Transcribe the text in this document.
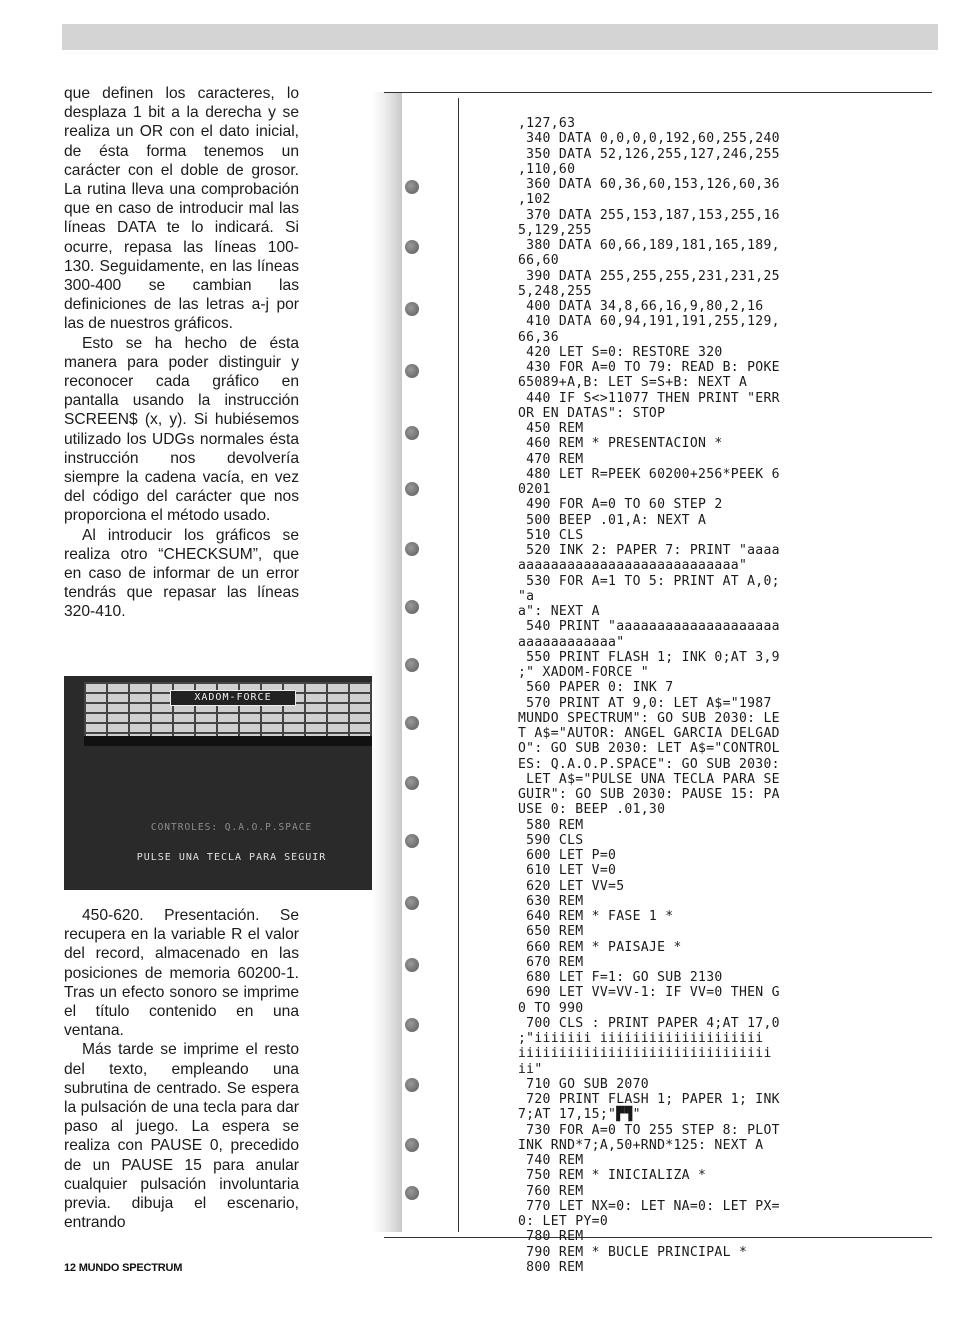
que definen los caracteres, lo desplaza 1 bit a la derecha y se realiza un OR con el dato inicial, de ésta forma tenemos un carácter con el doble de grosor. La rutina lleva una comprobación que en caso de introducir mal las líneas DATA te lo indicará. Si ocurre, repasa las líneas 100-130. Seguidamente, en las líneas 300-400 se cambian las definiciones de las letras a-j por las de nuestros gráficos.

Esto se ha hecho de ésta manera para poder distinguir y reconocer cada gráfico en pantalla usando la instrucción SCREEN$ (x, y). Si hubiésemos utilizado los UDGs normales ésta instrucción nos devolvería siempre la cadena vacía, en vez del código del carácter que nos proporciona el método usado.

Al introducir los gráficos se realiza otro “CHECKSUM”, que en caso de informar de un error tendrás que repasar las líneas 320-410.

XADOM-FORCE
CONTROLES: Q.A.O.P.SPACE
PULSE UNA TECLA PARA SEGUIR

450-620. Presentación. Se recupera en la variable R el valor del record, almacenado en las posiciones de memoria 60200-1. Tras un efecto sonoro se imprime el título contenido en una ventana.

Más tarde se imprime el resto del texto, empleando una subrutina de centrado. Se espera la pulsación de una tecla para dar paso al juego. La espera se realiza con PAUSE 0, precedido de un PAUSE 15 para anular cualquier pulsación involuntaria previa. dibuja el escenario, entrando

,127,63
340 DATA 0,0,0,0,192,60,255,240
350 DATA 52,126,255,127,246,255
,110,60
360 DATA 60,36,60,153,126,60,36
,102
370 DATA 255,153,187,153,255,16
5,129,255
380 DATA 60,66,189,181,165,189,
66,60
390 DATA 255,255,255,231,231,25
5,248,255
400 DATA 34,8,66,16,9,80,2,16
410 DATA 60,94,191,191,255,129,
66,36
420 LET S=0: RESTORE 320
430 FOR A=0 TO 79: READ B: POKE
65089+A,B: LET S=S+B: NEXT A
440 IF S<>11077 THEN PRINT "ERR
OR EN DATAS": STOP
450 REM
460 REM * PRESENTACION *
470 REM
480 LET R=PEEK 60200+256*PEEK 6
0201
490 FOR A=0 TO 60 STEP 2
500 BEEP .01,A: NEXT A
510 CLS
520 INK 2: PAPER 7: PRINT "aaaa
aaaaaaaaaaaaaaaaaaaaaaaaaaa"
530 FOR A=1 TO 5: PRINT AT A,0;
"a
a": NEXT A
540 PRINT "aaaaaaaaaaaaaaaaaaaa
aaaaaaaaaaaa"
550 PRINT FLASH 1; INK 0;AT 3,9
;" XADOM-FORCE "
560 PAPER 0: INK 7
570 PRINT AT 9,0: LET A$="1987
MUNDO SPECTRUM": GO SUB 2030: LE
T A$="AUTOR: ANGEL GARCIA DELGAD
O": GO SUB 2030: LET A$="CONTROL
ES: Q.A.O.P.SPACE": GO SUB 2030:
LET A$="PULSE UNA TECLA PARA SE
GUIR": GO SUB 2030: PAUSE 15: PA
USE 0: BEEP .01,30
580 REM
590 CLS
600 LET P=0
610 LET V=0
620 LET VV=5
630 REM
640 REM * FASE 1 *
650 REM
660 REM * PAISAJE *
670 REM
680 LET F=1: GO SUB 2130
690 LET VV=VV-1: IF VV=0 THEN G
0 TO 990
700 CLS : PRINT PAPER 4;AT 17,0
;"iiiiiii iiiiiiiiiiiiiiiiiiii
iiiiiiiiiiiiiiiiiiiiiiiiiiiiiii
ii"
710 GO SUB 2070
720 PRINT FLASH 1; PAPER 1; INK
7;AT 17,15;"▛▜"
730 FOR A=0 TO 255 STEP 8: PLOT
INK RND*7;A,50+RND*125: NEXT A
740 REM
750 REM * INICIALIZA *
760 REM
770 LET NX=0: LET NA=0: LET PX=
0: LET PY=0
780 REM
790 REM * BUCLE PRINCIPAL *
800 REM
12 MUNDO SPECTRUM
